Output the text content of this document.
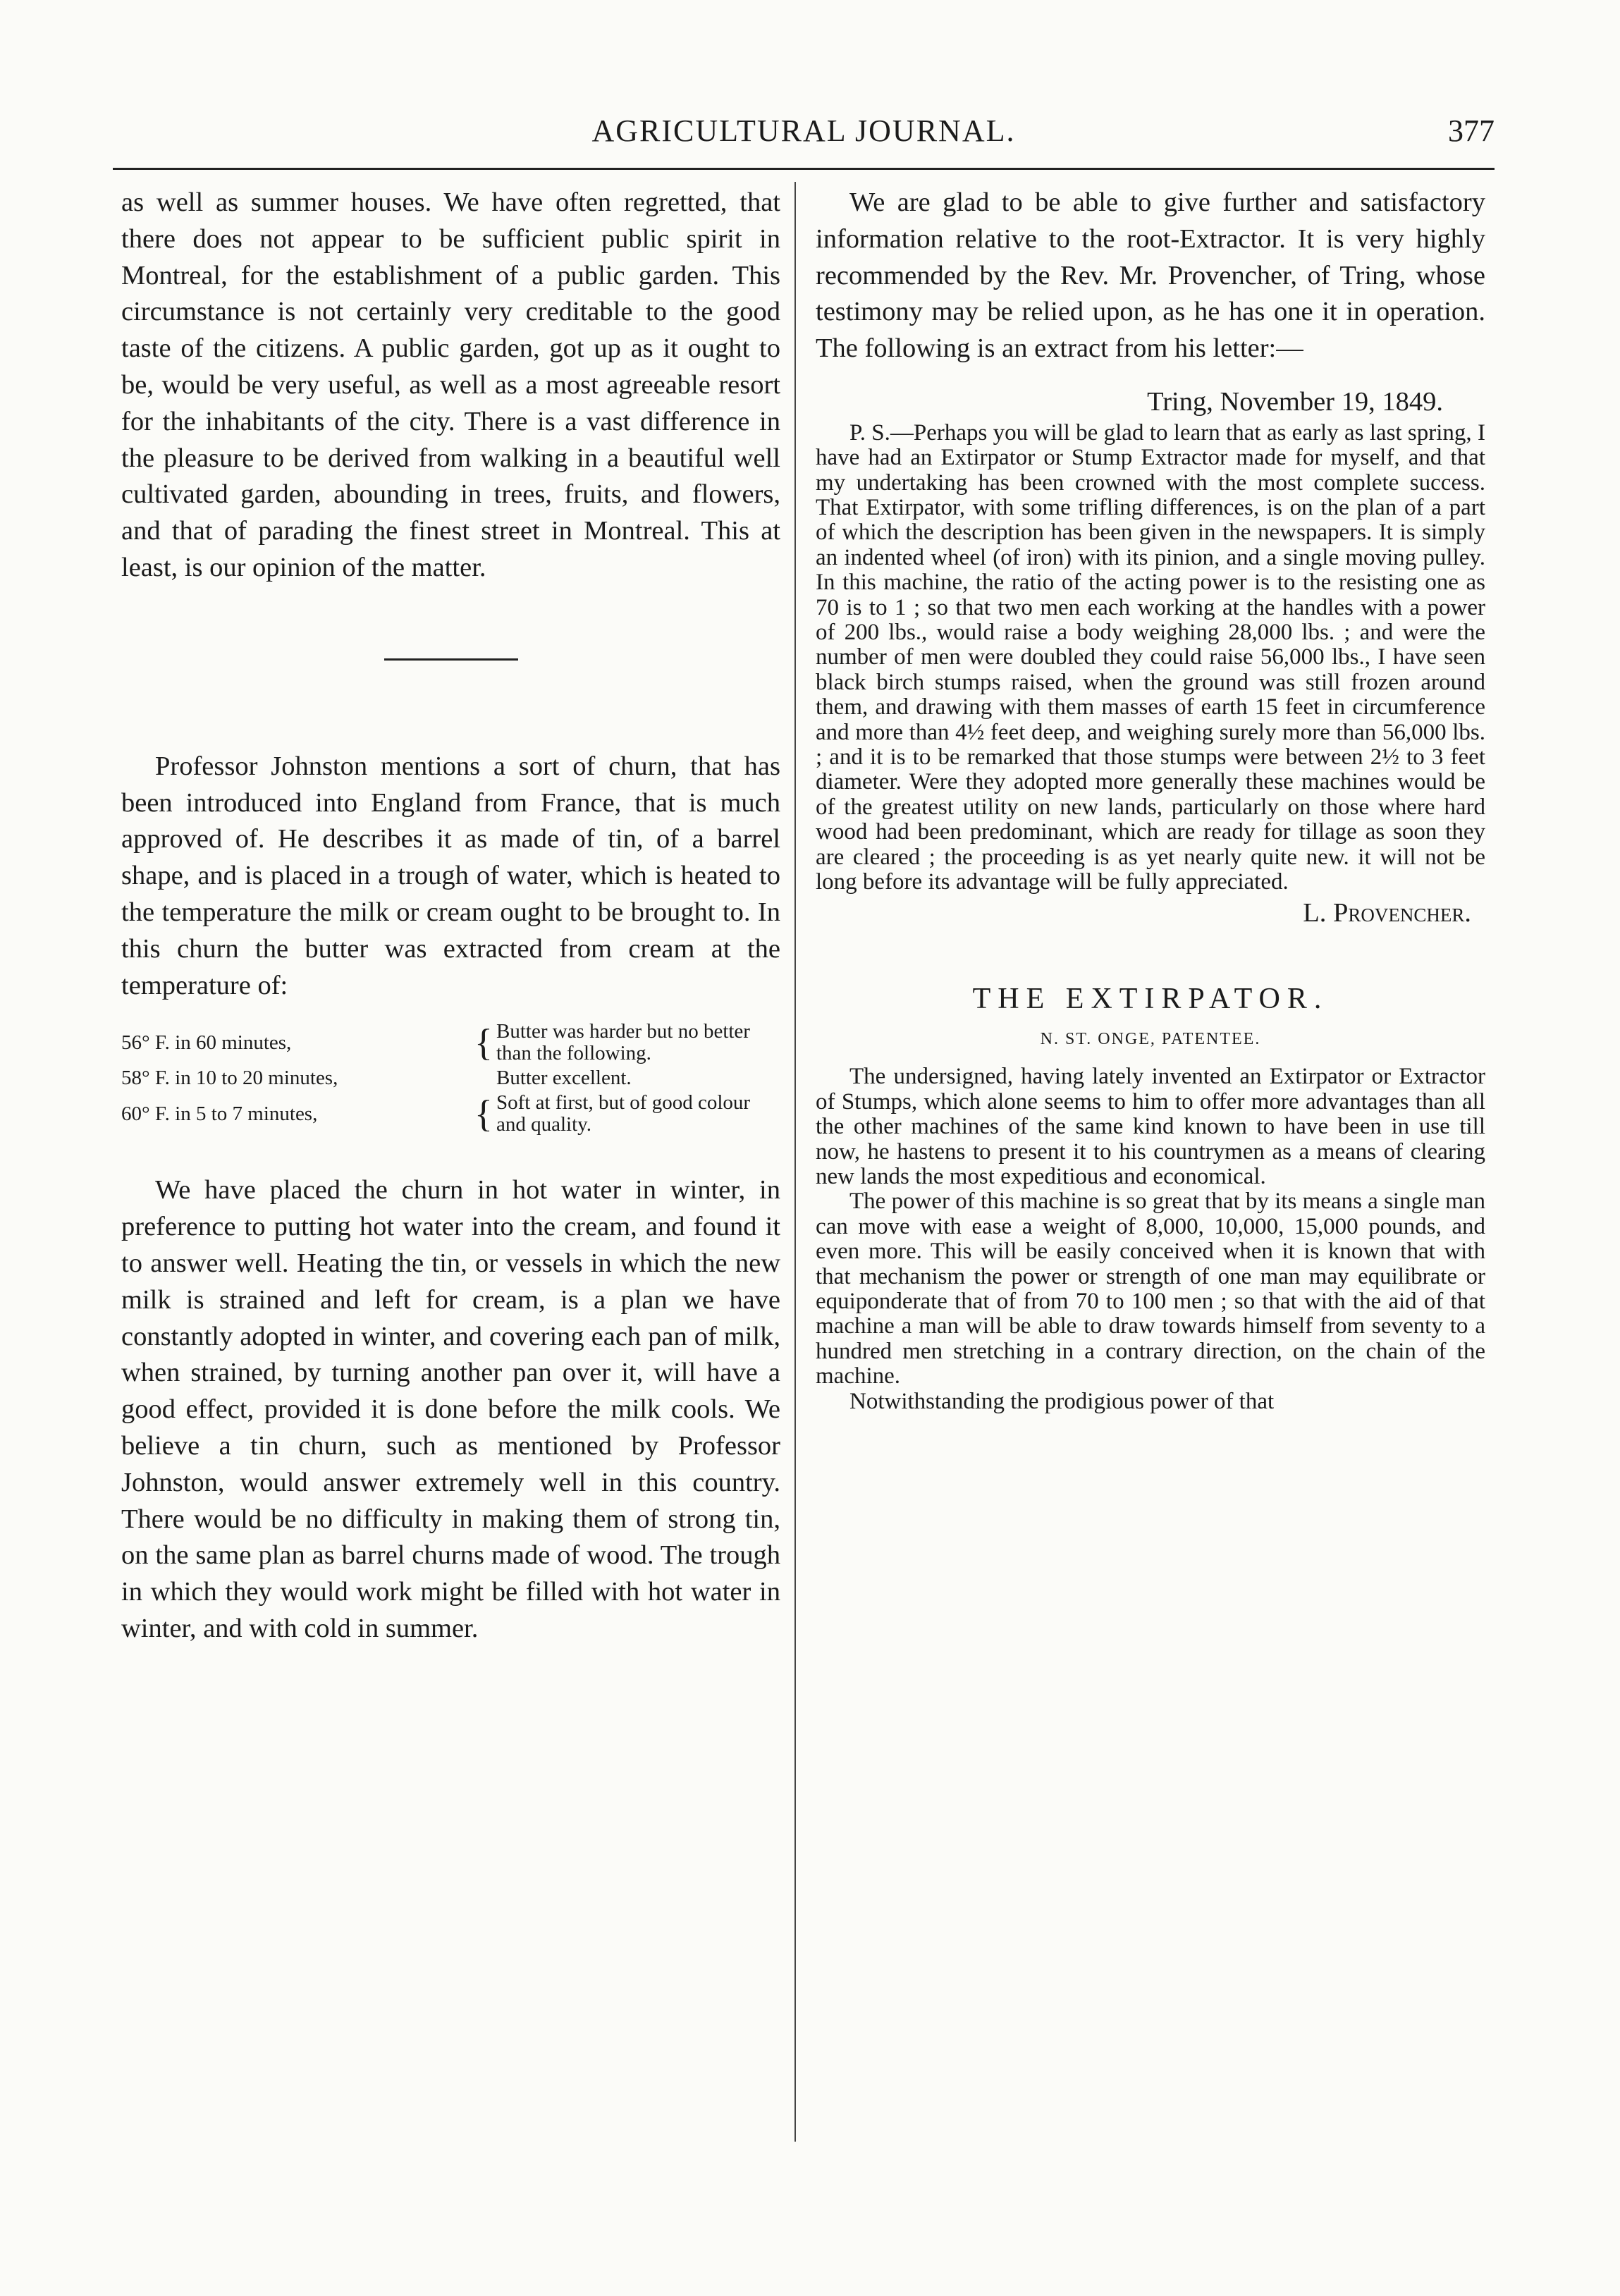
AGRICULTURAL JOURNAL.	377

as well as summer houses. We have often regretted, that there does not appear to be sufficient public spirit in Montreal, for the establishment of a public garden. This circumstance is not certainly very creditable to the good taste of the citizens. A public garden, got up as it ought to be, would be very useful, as well as a most agreeable resort for the inhabitants of the city. There is a vast difference in the pleasure to be derived from walking in a beautiful well cultivated garden, abounding in trees, fruits, and flowers, and that of parading the finest street in Montreal. This at least, is our opinion of the matter.

Professor Johnston mentions a sort of churn, that has been introduced into England from France, that is much approved of. He describes it as made of tin, of a barrel shape, and is placed in a trough of water, which is heated to the temperature the milk or cream ought to be brought to. In this churn the butter was extracted from cream at the temperature of:

56° F. in 60 minutes,	{	Butter was harder but no better than the following.
58° F. in 10 to 20 minutes,		Butter excellent.
60° F. in 5 to 7 minutes,	{	Soft at first, but of good colour and quality.

We have placed the churn in hot water in winter, in preference to putting hot water into the cream, and found it to answer well. Heating the tin, or vessels in which the new milk is strained and left for cream, is a plan we have constantly adopted in winter, and covering each pan of milk, when strained, by turning another pan over it, will have a good effect, provided it is done before the milk cools. We believe a tin churn, such as mentioned by Professor Johnston, would answer extremely well in this country. There would be no difficulty in making them of strong tin, on the same plan as barrel churns made of wood. The trough in which they would work might be filled with hot water in winter, and with cold in summer.

We are glad to be able to give further and satisfactory information relative to the root-Extractor. It is very highly recommended by the Rev. Mr. Provencher, of Tring, whose testimony may be relied upon, as he has one it in operation. The following is an extract from his letter:—

Tring, November 19, 1849.

P. S.—Perhaps you will be glad to learn that as early as last spring, I have had an Extirpator or Stump Extractor made for myself, and that my undertaking has been crowned with the most complete success. That Extirpator, with some trifling differences, is on the plan of a part of which the description has been given in the newspapers. It is simply an indented wheel (of iron) with its pinion, and a single moving pulley. In this machine, the ratio of the acting power is to the resisting one as 70 is to 1 ; so that two men each working at the handles with a power of 200 lbs., would raise a body weighing 28,000 lbs. ; and were the number of men were doubled they could raise 56,000 lbs., I have seen black birch stumps raised, when the ground was still frozen around them, and drawing with them masses of earth 15 feet in circumference and more than 4½ feet deep, and weighing surely more than 56,000 lbs. ; and it is to be remarked that those stumps were between 2½ to 3 feet diameter. Were they adopted more generally these machines would be of the greatest utility on new lands, particularly on those where hard wood had been predominant, which are ready for tillage as soon they are cleared ; the proceeding is as yet nearly quite new. it will not be long before its advantage will be fully appreciated.

L. Provencher.

THE EXTIRPATOR.
N. ST. ONGE, PATENTEE.

The undersigned, having lately invented an Extirpator or Extractor of Stumps, which alone seems to him to offer more advantages than all the other machines of the same kind known to have been in use till now, he hastens to present it to his countrymen as a means of clearing new lands the most expeditious and economical.

The power of this machine is so great that by its means a single man can move with ease a weight of 8,000, 10,000, 15,000 pounds, and even more. This will be easily conceived when it is known that with that mechanism the power or strength of one man may equilibrate or equiponderate that of from 70 to 100 men ; so that with the aid of that machine a man will be able to draw towards himself from seventy to a hundred men stretching in a contrary direction, on the chain of the machine.

Notwithstanding the prodigious power of that
